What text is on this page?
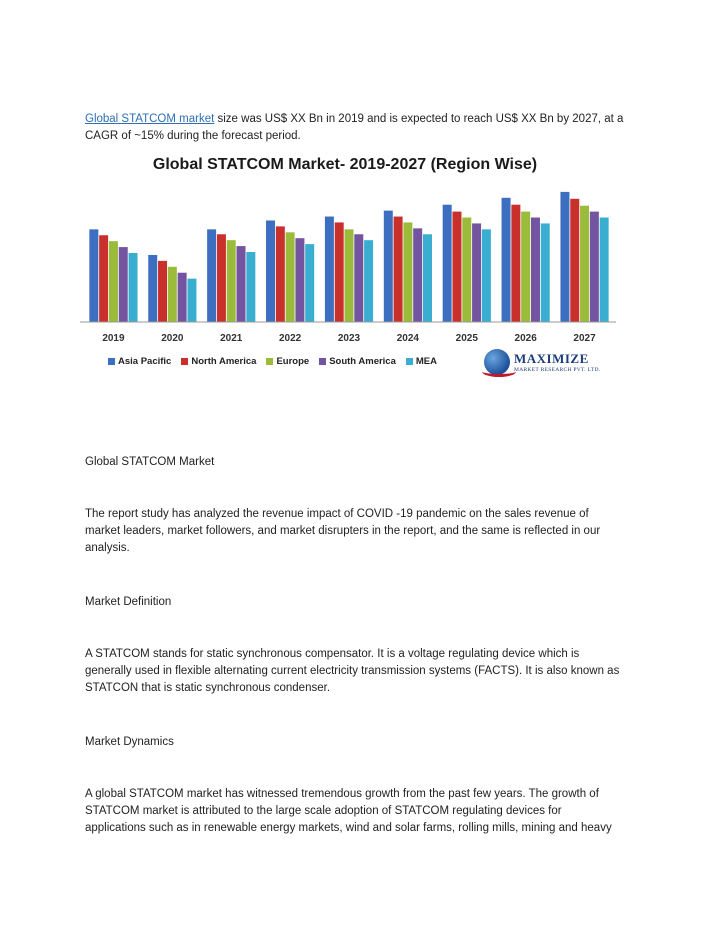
Global STATCOM market size was US$ XX Bn in 2019 and is expected to reach US$ XX Bn by 2027, at a
CAGR of ~15% during the forecast period.

Global STATCOM Market- 2019-2027 (Region Wise)
2019	2020	2021	2022	2023	2024	2025	2026	2027
Asia Pacific North America Europe South America MEA	MAXIMIZE
MARKET RESEARCH PVT. LTD.

Global STATCOM Market

The report study has analyzed the revenue impact of COVID -19 pandemic on the sales revenue of
market leaders, market followers, and market disrupters in the report, and the same is reflected in our
analysis.

Market Definition

A STATCOM stands for static synchronous compensator. It is a voltage regulating device which is
generally used in flexible alternating current electricity transmission systems (FACTS). It is also known as
STATCON that is static synchronous condenser.

Market Dynamics

A global STATCOM market has witnessed tremendous growth from the past few years. The growth of
STATCOM market is attributed to the large scale adoption of STATCOM regulating devices for
applications such as in renewable energy markets, wind and solar farms, rolling mills, mining and heavy
